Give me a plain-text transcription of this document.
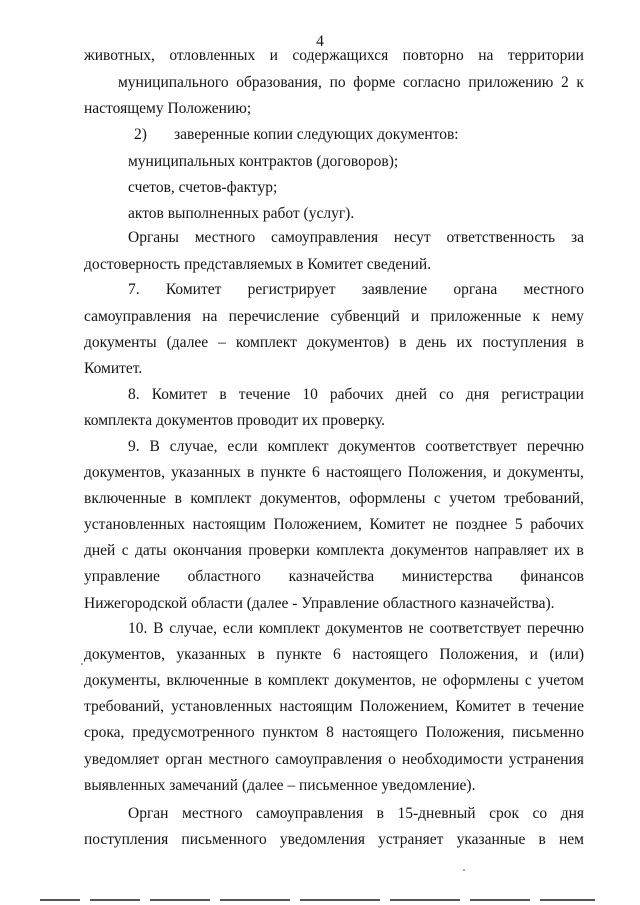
4
животных, отловленных и содержащихся повторно на территории
муниципального образования, по форме согласно приложению 2 к
настоящему Положению;
2)       заверенные копии следующих документов:
муниципальных контрактов (договоров);
счетов, счетов-фактур;
актов выполненных работ (услуг).
Органы местного самоуправления несут ответственность за
достоверность представляемых в Комитет сведений.
7. Комитет регистрирует заявление органа местного
самоуправления на перечисление субвенций и приложенные к нему
документы (далее – комплект документов) в день их поступления в
Комитет.
8. Комитет в течение 10 рабочих дней со дня регистрации
комплекта документов проводит их проверку.
9. В случае, если комплект документов соответствует перечню
документов, указанных в пункте 6 настоящего Положения, и документы,
включенные в комплект документов, оформлены с учетом требований,
установленных настоящим Положением, Комитет не позднее 5 рабочих
дней с даты окончания проверки комплекта документов направляет их в
управление областного казначейства министерства финансов
Нижегородской области (далее - Управление областного казначейства).
10. В случае, если комплект документов не соответствует перечню
документов, указанных в пункте 6 настоящего Положения, и (или)
документы, включенные в комплект документов, не оформлены с учетом
требований, установленных настоящим Положением, Комитет в течение
срока, предусмотренного пунктом 8 настоящего Положения, письменно
уведомляет орган местного самоуправления о необходимости устранения
выявленных замечаний (далее – письменное уведомление).
Орган местного самоуправления в 15-дневный срок со дня
поступления письменного уведомления устраняет указанные в нем
